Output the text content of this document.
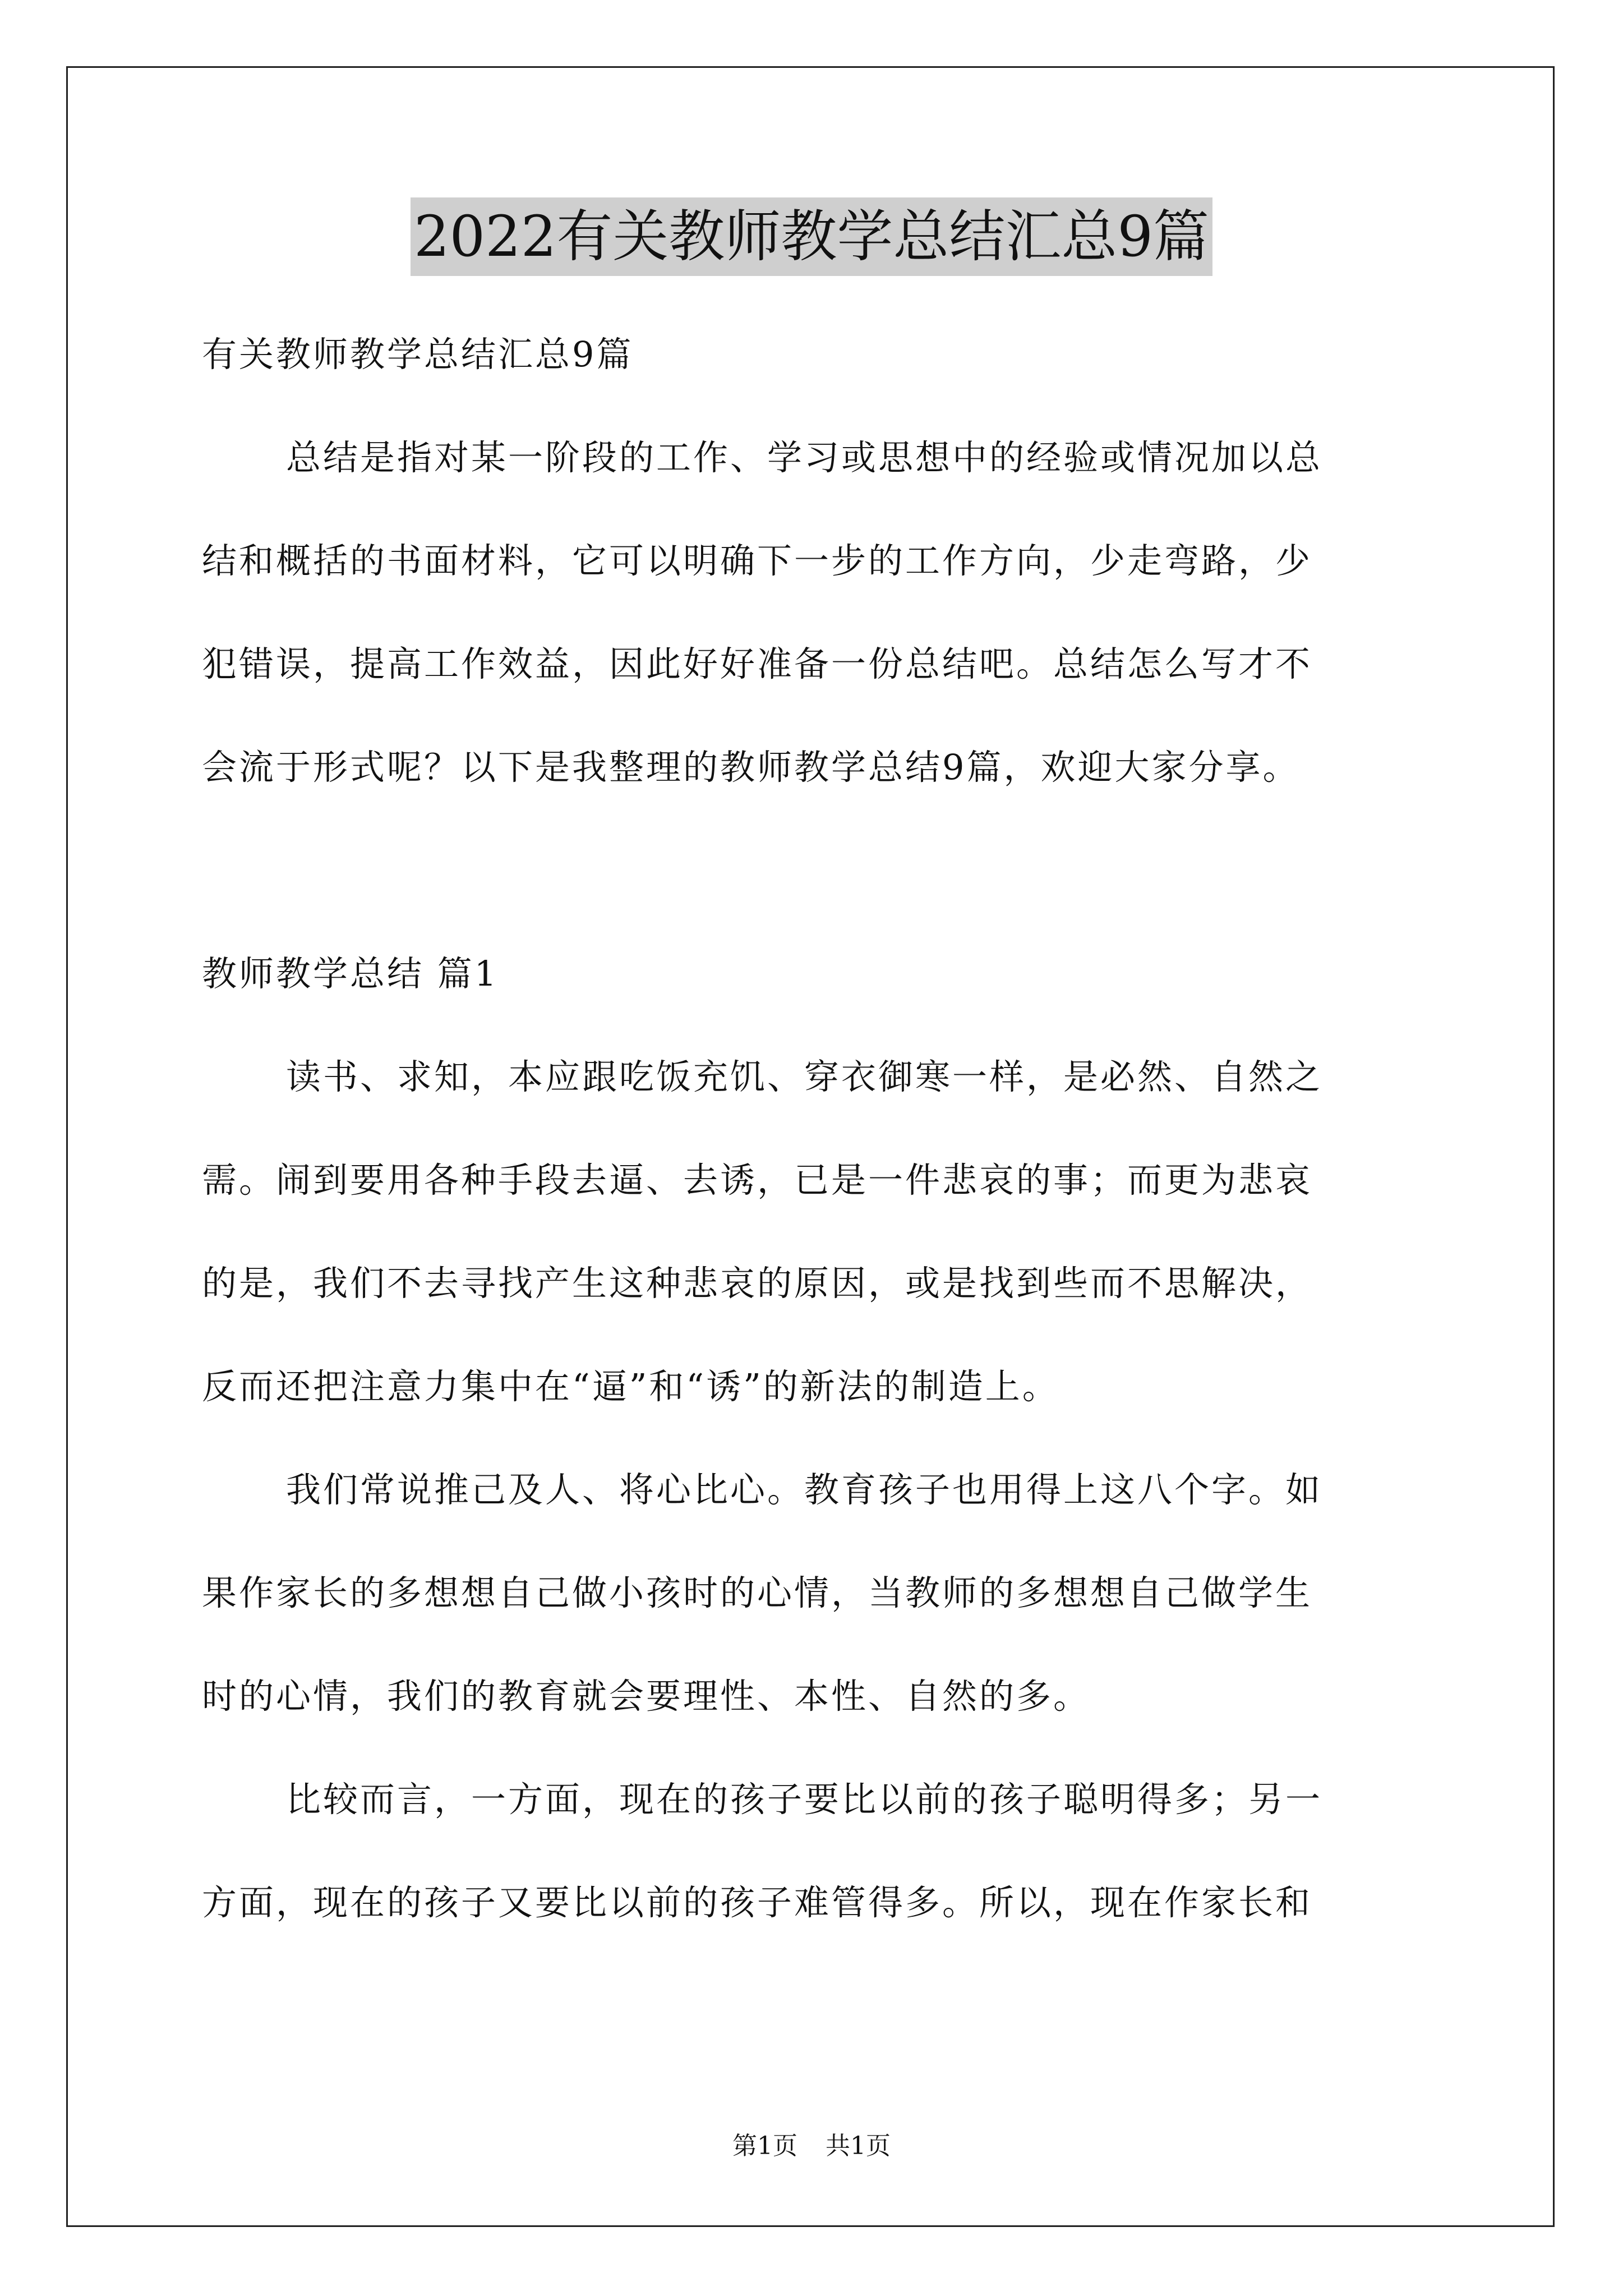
2022有关教师教学总结汇总9篇
有关教师教学总结汇总9篇
总结是指对某一阶段的工作、学习或思想中的经验或情况加以总
结和概括的书面材料，它可以明确下一步的工作方向，少走弯路，少
犯错误，提高工作效益，因此好好准备一份总结吧。总结怎么写才不
会流于形式呢？以下是我整理的教师教学总结9篇，欢迎大家分享。
教师教学总结 篇1
读书、求知，本应跟吃饭充饥、穿衣御寒一样，是必然、自然之
需。闹到要用各种手段去逼、去诱，已是一件悲哀的事；而更为悲哀
的是，我们不去寻找产生这种悲哀的原因，或是找到些而不思解决，
反而还把注意力集中在“逼”和“诱”的新法的制造上。
我们常说推己及人、将心比心。教育孩子也用得上这八个字。如
果作家长的多想想自己做小孩时的心情，当教师的多想想自己做学生
时的心情，我们的教育就会要理性、本性、自然的多。
比较而言，一方面，现在的孩子要比以前的孩子聪明得多；另一
方面，现在的孩子又要比以前的孩子难管得多。所以，现在作家长和
第1页 共1页
